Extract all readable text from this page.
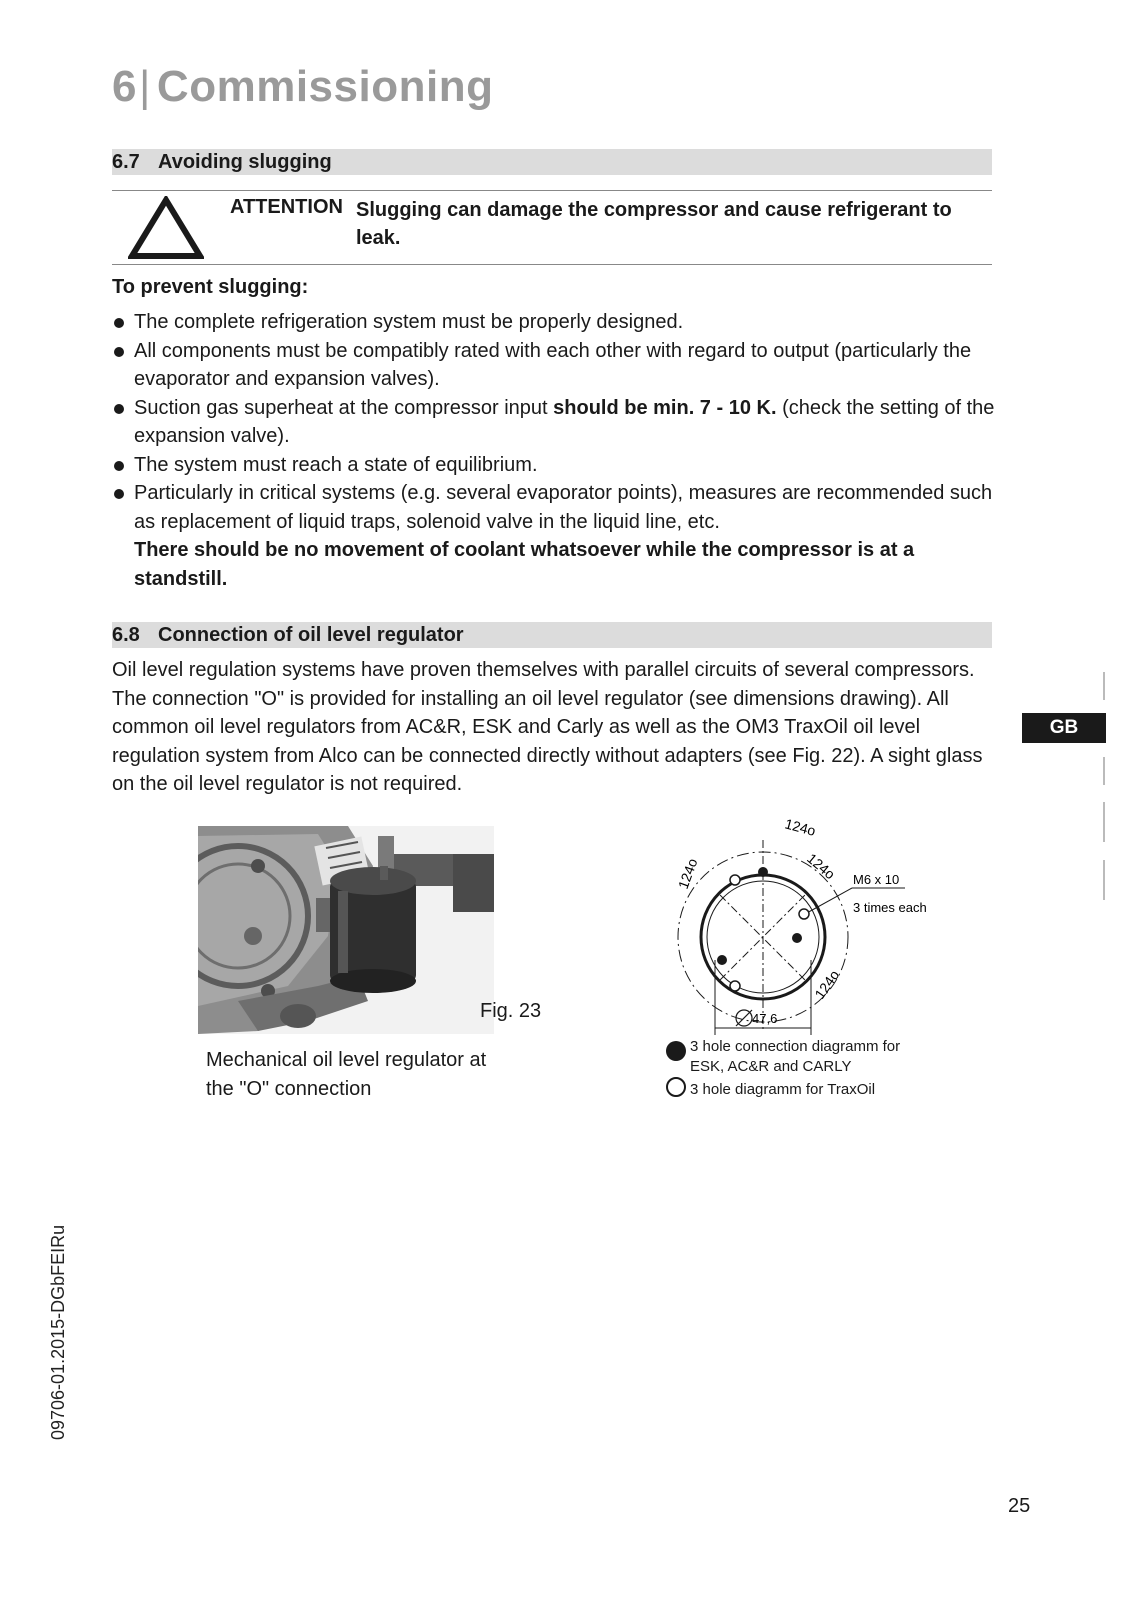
6| Commissioning
6.7 Avoiding slugging
ATTENTION Slugging can damage the compressor and cause refrigerant to leak.
To prevent slugging:
The complete refrigeration system must be properly designed.
All components must be compatibly rated with each other with regard to output (particularly the evaporator and expansion valves).
Suction gas superheat at the compressor input should be min. 7 - 10 K. (check the setting of the expansion valve).
The system must reach a state of equilibrium.
Particularly in critical systems (e.g. several evaporator points), measures are recommended such as replacement of liquid traps, solenoid valve in the liquid line, etc.
There should be no movement of coolant whatsoever while the compressor is at a standstill.
6.8 Connection of oil level regulator
Oil level regulation systems have proven themselves with parallel circuits of several compressors. The connection "O" is provided for installing an oil level regulator (see dimensions drawing). All common oil level regulators from AC&R, ESK and Carly as well as the OM3 TraxOil oil level regulation system from Alco can be connected directly without adapters (see Fig. 22). A sight glass on the oil level regulator is not required.
Fig. 23
Mechanical oil level regulator at the "O" connection
124o
124o
124o
124o
M6 x 10
3 times each
47,6
3 hole connection diagramm for ESK, AC&R and CARLY
3 hole diagramm for TraxOil
GB
09706-01.2015-DGbFEIRu
25
